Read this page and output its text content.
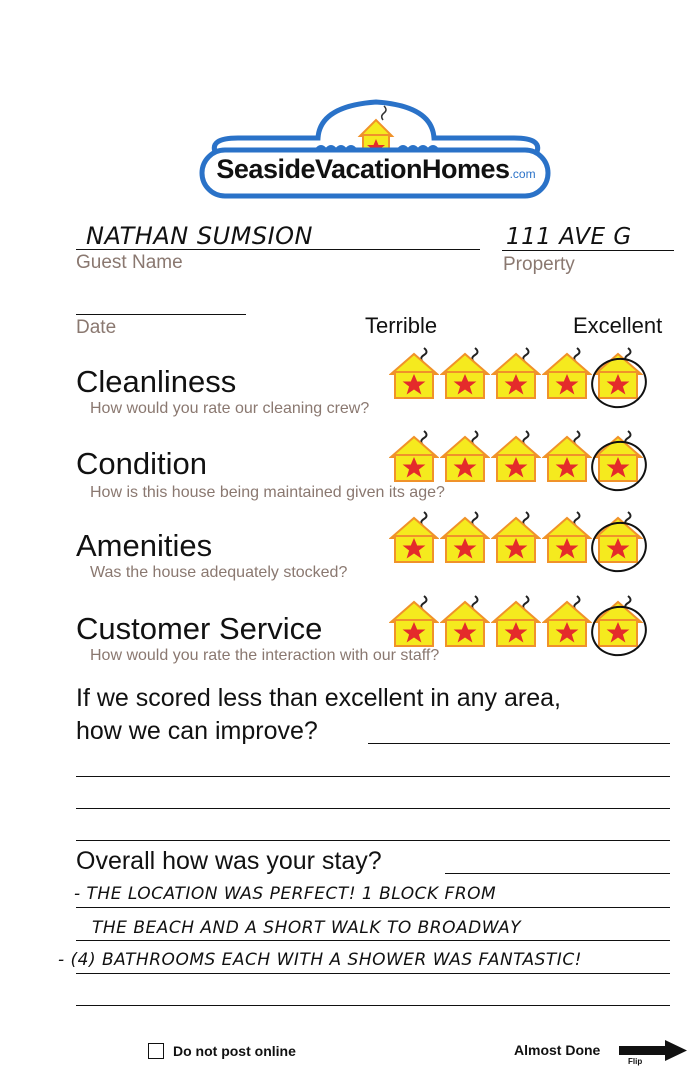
SeasideVacationHomes.com
NATHAN SUMSION
Guest Name
111 AVE G
Property
Date	Terrible	Excellent
Cleanliness
How would you rate our cleaning crew?
Condition
How is this house being maintained given its age?
Amenities
Was the house adequately stocked?
Customer Service
How would you rate the interaction with our staff?
If we scored less than excellent in any area,
how we can improve?
Overall how was your stay?
- THE LOCATION WAS PERFECT! 1 BLOCK FROM
THE BEACH AND A SHORT WALK TO BROADWAY
- (4) BATHROOMS EACH WITH A SHOWER WAS FANTASTIC!
Do not post online	Almost Done
Flip
